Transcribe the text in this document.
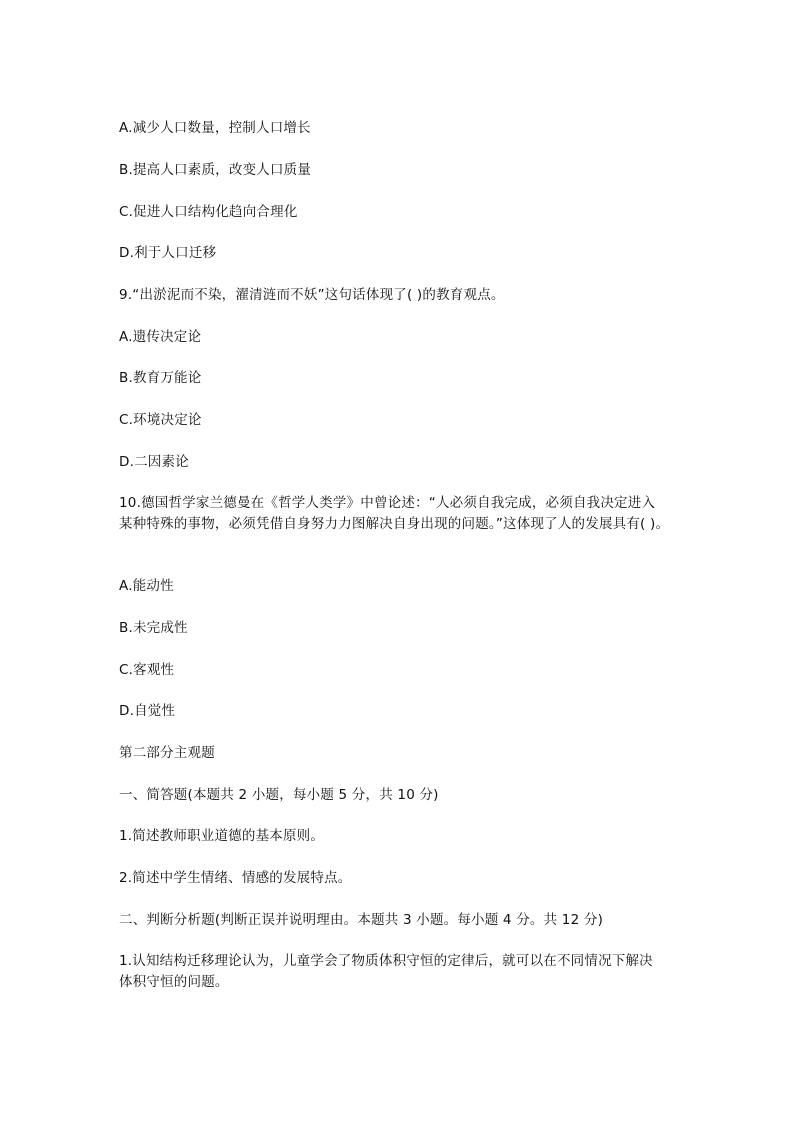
A.减少人口数量，控制人口增长
B.提高人口素质，改变人口质量
C.促进人口结构化趋向合理化
D.利于人口迁移
9.“出淤泥而不染，濯清涟而不妖”这句话体现了( )的教育观点。
A.遗传决定论
B.教育万能论
C.环境决定论
D.二因素论
10.德国哲学家兰德曼在《哲学人类学》中曾论述：“人必须自我完成，必须自我决定进入
某种特殊的事物，必须凭借自身努力力图解决自身出现的问题。”这体现了人的发展具有( )。
A.能动性
B.未完成性
C.客观性
D.自觉性
第二部分主观题
一、简答题(本题共 2 小题，每小题 5 分，共 10 分)
1.简述教师职业道德的基本原则。
2.简述中学生情绪、情感的发展特点。
二、判断分析题(判断正误并说明理由。本题共 3 小题。每小题 4 分。共 12 分)
1.认知结构迁移理论认为，儿童学会了物质体积守恒的定律后，就可以在不同情况下解决
体积守恒的问题。
